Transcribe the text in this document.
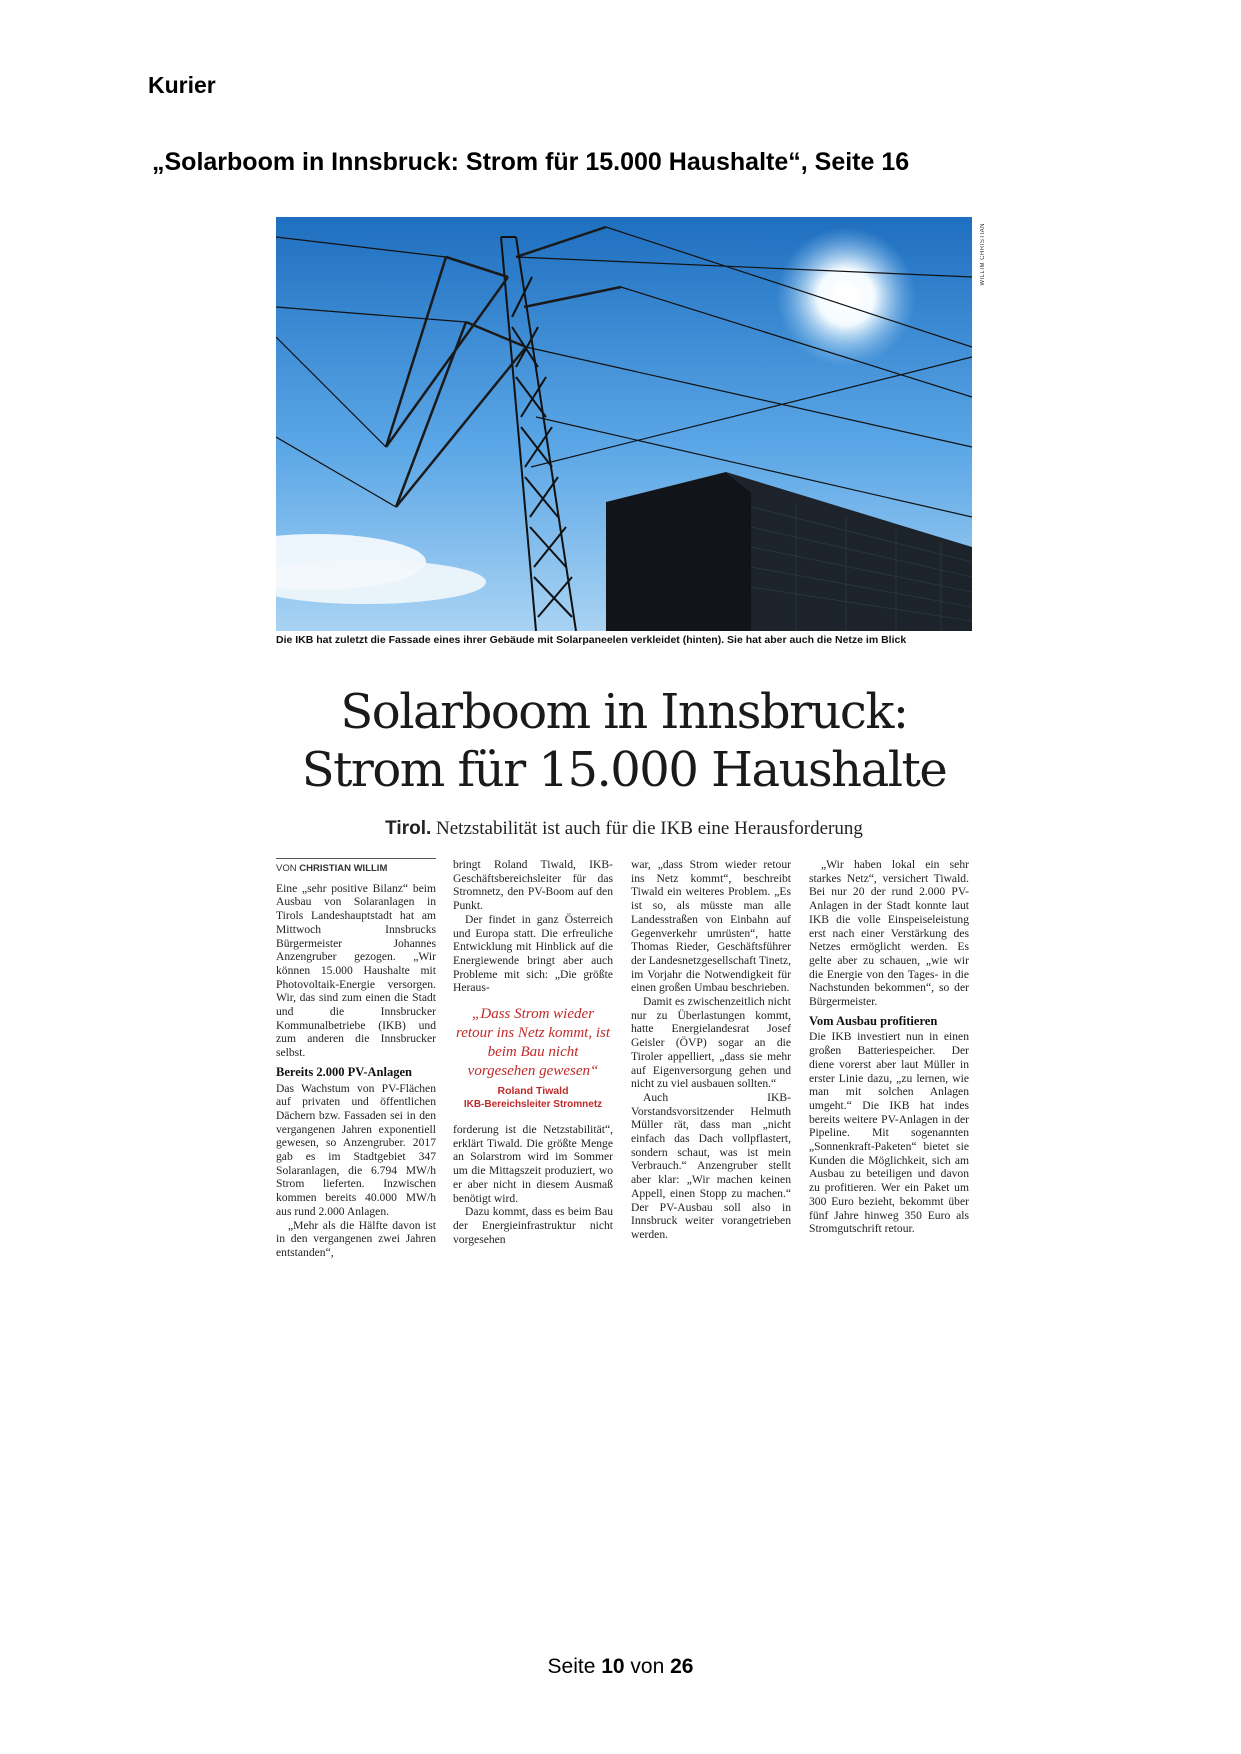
Kurier
„Solarboom in Innsbruck: Strom für 15.000 Haushalte“, Seite 16
WILLIM CHRISTIAN
Die IKB hat zuletzt die Fassade eines ihrer Gebäude mit Solarpaneelen verkleidet (hinten). Sie hat aber auch die Netze im Blick
Solarboom in Innsbruck:
Strom für 15.000 Haushalte
Tirol. Netzstabilität ist auch für die IKB eine Herausforderung
VON CHRISTIAN WILLIM

Eine „sehr positive Bilanz“ beim Ausbau von Solaranlagen in Tirols Landeshauptstadt hat am Mittwoch Innsbrucks Bürgermeister Johannes Anzengruber gezogen. „Wir können 15.000 Haushalte mit Photovoltaik-Energie versorgen. Wir, das sind zum einen die Stadt und die Innsbrucker Kommunalbetriebe (IKB) und zum anderen die Innsbrucker selbst.

Bereits 2.000 PV-Anlagen

Das Wachstum von PV-Flächen auf privaten und öffentlichen Dächern bzw. Fassaden sei in den vergangenen Jahren exponentiell gewesen, so Anzengruber. 2017 gab es im Stadtgebiet 347 Solaranlagen, die 6.794 MW/h Strom lieferten. Inzwischen kommen bereits 40.000 MW/h aus rund 2.000 Anlagen.

„Mehr als die Hälfte davon ist in den vergangenen zwei Jahren entstanden“,

bringt Roland Tiwald, IKB-Geschäftsbereichsleiter für das Stromnetz, den PV-Boom auf den Punkt.

Der findet in ganz Österreich und Europa statt. Die erfreuliche Entwicklung mit Hinblick auf die Energiewende bringt aber auch Probleme mit sich: „Die größte Heraus-

„Dass Strom wieder retour ins Netz kommt, ist beim Bau nicht vorgesehen gewesen“
Roland Tiwald
IKB-Bereichsleiter Stromnetz

forderung ist die Netzstabilität“, erklärt Tiwald. Die größte Menge an Solarstrom wird im Sommer um die Mittagszeit produziert, wo er aber nicht in diesem Ausmaß benötigt wird.

Dazu kommt, dass es beim Bau der Energieinfrastruktur nicht vorgesehen

war, „dass Strom wieder retour ins Netz kommt“, beschreibt Tiwald ein weiteres Problem. „Es ist so, als müsste man alle Landesstraßen von Einbahn auf Gegenverkehr umrüsten“, hatte Thomas Rieder, Geschäftsführer der Landesnetzgesellschaft Tinetz, im Vorjahr die Notwendigkeit für einen großen Umbau beschrieben.

Damit es zwischenzeitlich nicht nur zu Überlastungen kommt, hatte Energielandesrat Josef Geisler (ÖVP) sogar an die Tiroler appelliert, „dass sie mehr auf Eigenversorgung gehen und nicht zu viel ausbauen sollten.“

Auch IKB-Vorstandsvorsitzender Helmuth Müller rät, dass man „nicht einfach das Dach vollpflastert, sondern schaut, was ist mein Verbrauch.“ Anzengruber stellt aber klar: „Wir machen keinen Appell, einen Stopp zu machen.“ Der PV-Ausbau soll also in Innsbruck weiter vorangetrieben werden.

„Wir haben lokal ein sehr starkes Netz“, versichert Tiwald. Bei nur 20 der rund 2.000 PV-Anlagen in der Stadt konnte laut IKB die volle Einspeiseleistung erst nach einer Verstärkung des Netzes ermöglicht werden. Es gelte aber zu schauen, „wie wir die Energie von den Tages- in die Nachstunden bekommen“, so der Bürgermeister.

Vom Ausbau profitieren

Die IKB investiert nun in einen großen Batteriespeicher. Der diene vorerst aber laut Müller in erster Linie dazu, „zu lernen, wie man mit solchen Anlagen umgeht.“ Die IKB hat indes bereits weitere PV-Anlagen in der Pipeline. Mit sogenannten „Sonnenkraft-Paketen“ bietet sie Kunden die Möglichkeit, sich am Ausbau zu beteiligen und davon zu profitieren. Wer ein Paket um 300 Euro bezieht, bekommt über fünf Jahre hinweg 350 Euro als Stromgutschrift retour.

Seite 10 von 26
